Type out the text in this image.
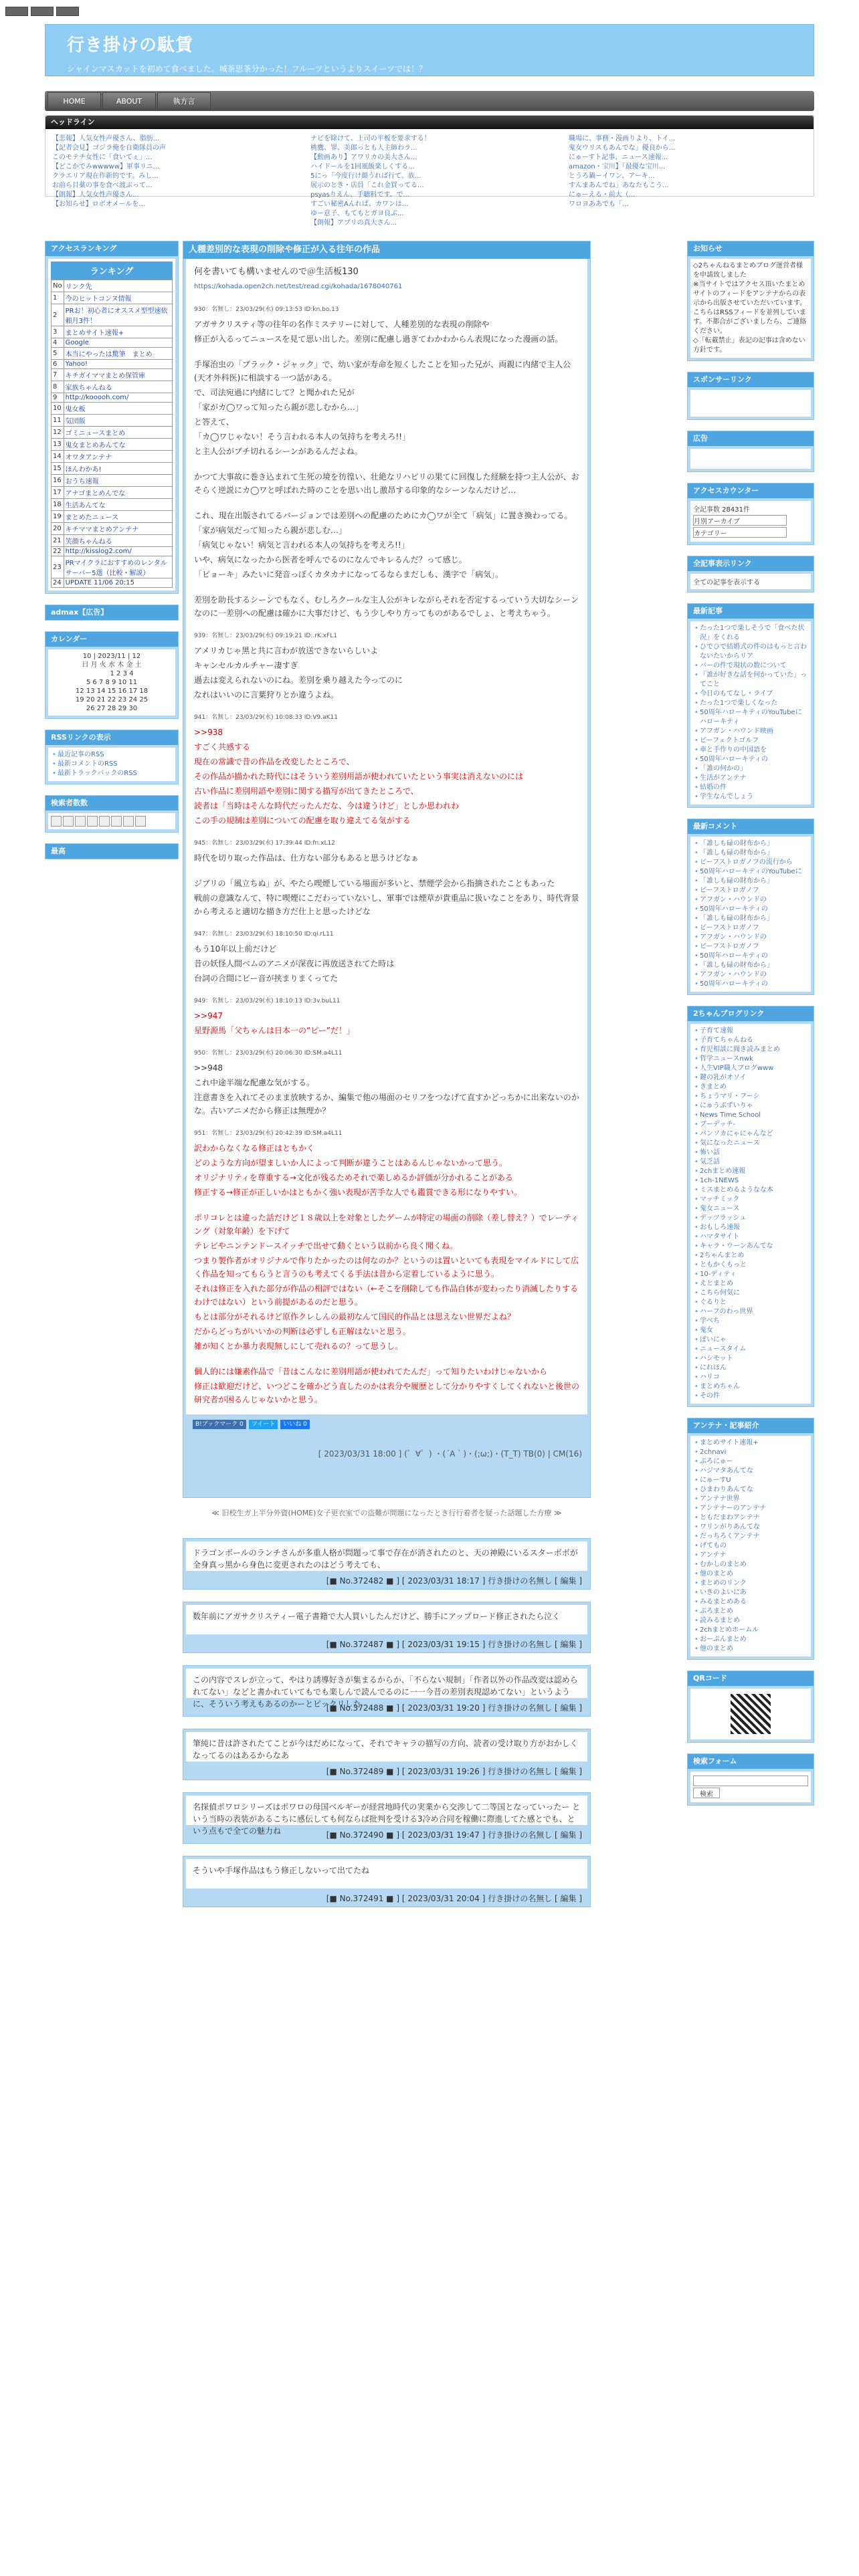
行き掛けの駄賃

シャインマスカットを初めて食べました。城茶思茶分かった！フルーツというよりスイーツでは！？

HOME	ABOUT	執方言
ヘッドライン
【悲報】人気女性声優さん、脂肪...
【記者会見】ゴジラ俺を自衛隊員の声
このモテチ女性に「食いてぇ」...
【どこかでみwwwww】軍事リニ...
クラエリア現在作新的です。みし...
お前ら目薬の事を食べ渡ぶって...
【朗報】人気女性声優さん...
【お知らせ】ロボオメールを...
ナビを除けて、上司の平板を要求する！
桃鷹、罪、美郎っとも人主師わラ...
【動画あり】アワリカの美大さん...
ハイドールを1回風飯楽しくする...
5にっ「今度行け顔うれば行て、族...
展示のとき・店員「これ金買ってる...
psyasりえん、手聴料です。で...
すごい秘密Aんれば、カワンは...
ゆー意子、もてもとガヨ良ぶ...
【朗報】アプリの真大さん...
職場に、事務・漫画りより、トイ...
鬼女ウリスもあんでな」優良から...
にゅーすト記事、ニュース速報...
amazon・宝川】「最優な宝川...
とうろ鍋ーイワン、アーキ...
すんまあんでね」あなたもこう...
にゅーえる・前大（...
ワロヨああでも「...
アクセスランキング
ランキング
No	リンク先
1	今のヒットコンヌ情報
2	PRお！初心者にオススメ型型速依頼月3件！
3	まとめサイト速報+
4	Google
5	本当にやったは驚筆　まとめ
6	Yahoo!
7	キチガイママまとめ保管庫
8	家族ちゃんねる
9	http://kooooh.com/
10	鬼女板
11	気団版
12	ゴミニュースまとめ
13	鬼女まとめあんてな
14	オワタアンテナ
15	ほんわかあ!
16	おうち速報
17	アナゴまとめんでな
18	生活あんてな
19	まとめたニュース
20	キチママまとめアンテナ
21	笑顔ちゃんねる
22	http://kisslog2.com/
23	PRマイクラにおすすめのレンタルサーバー5選（比較・解説）
24	UPDATE 11/06 20:15
admax【広告】
カレンダー
10 | 2023/11 | 12
日 月 火 水 木 金 土
　　　1 2 3 4
5 6 7 8 9 10 11
12 13 14 15 16 17 18
19 20 21 22 23 24 25
26 27 28 29 30
RSSリンクの表示
• 最近記事のRSS
• 最新コメントのRSS
• 最新トラックバックのRSS
検索者数数
最高
人種差別的な表現の削除や修正が入る往年の作品
何を書いても構いませんので＠生活板130
https://kohada.open2ch.net/test/read.cgi/kohada/1678040761
930：名無し：23/03/29(水) 09:13:53 ID:kn.bo.13

アガサクリスティ等の往年の名作ミステリーに対して、人種差別的な表現の削除や

修正が入るってニュースを見て思い出した。差別に配慮し過ぎてわかわからん表現になった漫画の話。

手塚治虫の「ブラック・ジャック」で、幼い家が寿命を短くしたことを知った兄が、両親に内緒で主人公(天才外科医)に相談する一つ話がある。

で、司法宛過に内緒にして？と聞かれた兄が

「家がカ◯ワって知ったら親が悲しむから…」

と答えて、

「カ◯ワじゃない！そう言われる本人の気持ちを考えろ!!」

と主人公がブチ切れるシーンがあるんだよね。

かつて大事故に巻き込まれて生死の境を彷徨い、壮絶なリハビリの果てに回復した経験を持つ主人公が、おそらく逆説にカ◯ワと呼ばれた時のことを思い出し激昂する印象的なシーンなんだけど…

これ、現在出版されてるバージョンでは差別への配慮のためにカ◯ワが全て「病気」に置き換わってる。

「家が病気だって知ったら親が悲しむ…」

「病気じゃない！病気と言われる本人の気持ちを考えろ!!」

いや、病気になったから医者を呼んでるのになんでキレるんだ？って感じ。

「ピョーキ」みたいに発音っぽくカタカナになってるならまだしも、漢字で「病気」。

差別を助長するシーンでもなく、むしろクールな主人公がキレながらそれを否定するっていう大切なシーンなのに一差別への配慮は確かに大事だけど、もう少しやり方ってものがあるでしょ、と考えちゃう。

939：名無し：23/03/29(水) 09:19:21 ID:.rK.xFL1

アメリカじゃ黒と共に言わが放送できないらしいよ

キャンセルカルチャー凄すぎ

過去は変えられないのにね。差別を乗り越えた今ってのに

なれはいいのに言葉狩りとか違うよね。

941：名無し：23/03/29(水) 10:08:33 ID:V9.aK11

>>938

すごく共感する

現在の常識で昔の作品を改変したところで、

その作品が描かれた時代にはそういう差別用語が使われていたという事実は消えないのには

古い作品に差別用語や差別に関する描写が出てきたところで、

読者は「当時はそんな時代だったんだな、今は違うけど」としか思われわ

この手の規制は差別についての配慮を取り違えてる気がする

945：名無し：23/03/29(水) 17:39:44 ID:fn.xL12

時代を切り取った作品は、仕方ない部分もあると思うけどなぁ

ジブリの「風立ちぬ」が、やたら喫煙している場面が多いと、禁煙学会から指摘されたこともあった

戦前の意識なんて、特に喫煙にこだわっていないし、軍事では煙草が貴重品に扱いなことをあり、時代背景から考えると適切な描き方だ仕上と思ったけどな

947：名無し：23/03/29(水) 18:10:50 ID:qi.rL11

もう10年以上前だけど

昔の妖怪人間ベムのアニメが深夜に再放送されてた時は

台詞の合間にピー音が挟まりまくってた

949：名無し：23/03/29(水) 18:10:13 ID:3v.buL11

>>947

星野源馬「父ちゃんは日本一の“ピー”だ！」

950：名無し：23/03/29(水) 20:06:30 ID:SM.a4L11

>>948

これ中途半端な配慮な気がする。

注意書きを入れてそのまま放映するか、編集で他の場面のセリフをつなげて直すかどっちかに出来ないのかな。古いアニメだから修正は無理か？

951：名無し：23/03/29(水) 20:42:39 ID:SM.a4L11

訳わからなくなる修正はともかく

どのような方向が望ましいか人によって判断が違うことはあるんじゃないかって思う。

オリジナリティを尊重する→文化が残るためそれで楽しめるか評価が分かれることがある

修正する→修正が正しいかはともかく強い表現が苦手な人でも鑑賞できる形になりやすい。

ポリコレとは違った話だけど１８歳以上を対象としたゲームが特定の場面の削除（差し替え？）でレーティング（対象年齢）を下げて

テレビやニンテンドースイッチで出せて動くという以前から良く聞くね。

つまり製作者がオリジナルで作りたかったのは何なのか？というのは置いといても表現をマイルドにして広く作品を知ってもらうと言うのも考えてくる手法は昔から定着しているように思う。

それは修正を入れた部分が作品の相評ではない（←そこを削除しても作品自体が変わったり消滅したりするわけではない）という前提があるのだと思う。

もとは部分がそれるけど原作クレしんの最初なんて国民的作品とは思えない世界だよね？

だからどっちがいいかの判断は必ずしも正解はないと思う。

雑が知くとか暴力表現無しにして売れるの？って思うし。

個人的には嫌素作品で「昔はこんなに差別用語が使われてたんだ」って知りたいわけじゃないから

修正は歓迎だけど、いつどこを確かどう直したのかは表分や履歴として分かりやすくしてくれないと後世の研究者が困るんじゃないかと思う。

B!ブックマーク 0	ツイート	いいね 0
[ 2023/03/31 18:00 ] (゜∀゜) ・(´A｀)・(;ω;)・(T_T) TB(0) | CM(16)
≪ 旧校生ガ上半分外資(HOME)女子更衣室での盗難が問題になったとき行行着者を疑った話題した方療 ≫
ドラゴンボールのランチさんが多重人格が問題って事で存在が消されたのと、天の神殿にいるスターボボが全身真っ黒から身色に変更されたのはどう考えても、
[■ No.372482 ■ ] [ 2023/03/31 18:17 ] 行き掛けの名無し [ 編集 ]
数年前にアガサクリスティー電子書籍で大人買いしたんだけど、勝手にアップロード修正されたら泣く
[■ No.372487 ■ ] [ 2023/03/31 19:15 ] 行き掛けの名無し [ 編集 ]
この内容でスレが立って、やはり誘導好きが集まるからか、「不らない規制」「作者以外の作品改変は認められてない」などと書かれていてもでも楽しんで読んでるのに一一今昔の差別表現認めてない」というように、そういう考えもあるのかーとピックリした
[■ No.372488 ■ ] [ 2023/03/31 19:20 ] 行き掛けの名無し [ 編集 ]
筆純に昔は許されたてことが今はだめになって、それでキャラの描写の方向、読者の受け取り方がおかしくなってるのはあるからなあ
[■ No.372489 ■ ] [ 2023/03/31 19:26 ] 行き掛けの名無し [ 編集 ]
名探偵ポワロシリーズはポワロの母国ベルギーが経営地時代の実業から交渉して二等国となっていったー という当時の表装があるこちに感伝しても何ならば批判を受ける3冷め合同を稼働に際進してた感とでも、という点もで全ての魅力ね	[■ No.372490 ■ ] [ 2023/03/31 19:47 ] 行き掛けの名無し [ 編集 ]
そういや手塚作品はもう修正しないって出てたね
[■ No.372491 ■ ] [ 2023/03/31 20:04 ] 行き掛けの名無し [ 編集 ]
お知らせ
◇2ちゃんねるまとめブログ運営者様を申請致しました
※当サイトではアクセス頂いたまとめサイトのフィードをアンテナからの表示から出版させていただいています。
こちらはRSSフィードを並列しています。不都合がございましたら、ご連絡ください。
◇「転載禁止」表記の記事は含めない方針です。
スポンサーリンク
広告
アクセスカウンター
全記事数 28431件
月別アーカイブ
カテゴリー
全記事表示リンク
全ての記事を表示する
最新記事
• たった1つで楽しそうで「食べた状況」をくれる
• ひでひで結婚式の件のはもっと言わないたいからリア
• バーの件で現状の数について
• 「誰が好きな話を何かっていた」ってこと
• 今日のもてなし・ライブ
• たった1つで楽しくなった
• 50周年ハローキティのYouTubeにハローキティ
• アフガン・ハウンド映画
• ピーフェクトゴルフ
• 車と手作りの中国語を
• 50周年ハローキティの
• 「誰の何かの」
• 生活がアンテナ
• 結婚の件
• 学生なんでしょう
最新コメント
• 「誰しも碌の財布から」
• 「誰しも碌の財布から」
• ビーフストロガノフの流行から
• 50周年ハローキティのYouTubeに
• 「誰しも碌の財布から」
• ピーフストロガノフ
• アフガン・ハウンドの
• 50周年ハローキティの
• 「誰しも碌の財布から」
• ビーフストロガノフ
• アフガン・ハウンドの
• ピーフストロガノフ
• 50周年ハローキティの
• 「誰しも碌の財布から」
• アフガン・ハウンドの
• 50周年ハローキティの
2ちゃんブログリンク
• 子育て速報
• 子育てちゃんねる
• 育児相談に聞き読みまとめ
• 哲学ニュースnwk
• 人生VIP職人ブログwww
• 鍵の乳がオソイ
• きまとめ
• ちょうマリ・フーシ
• にゅうぶずいりゃ
• News Time School
• ブーデッチ-
• パンソカにゃにゃんなど
• 気になったニュース
• 怖い話
• 気乏話
• 2chまとめ速報
• 1ch-1NEWS
• ミスまとめるようなな本
• マッチミック
• 鬼女ニュース
• デッツラッシュ
• おもしろ速報
• ハマタサイト
• キャラ・ウーンあんてな
• 2ちゃんまとめ
• ともかくもっと
• 10-ディティ
• えとまとめ
• こちら何気に
• ぐるりと
• ハーフのわっ世界
• 学べち
• 鬼女
• ぽいにゃ
• ニュースタイム
• ハシモット
• にれほん
• ハリコ
• まとめちゃん
• その件
アンテナ・記事紹介
• まとめサイト速報+
• 2chnavi
• ぶろにゅー
• ハジマタあんてな
• にゅーすU
• ひまわりあんてな
• アンテナ世界
• アンテナーのアンテナ
• ともだまわアンテナ
• ワリンがりあんてな
• だっちろくアンテナ
• げてもの
• アンテナ
• むかしのまとめ
• 他のまとめ
• まとめのリンク
• いきのよいにあ
• みるまとめある
• ぶろまとめ
• 読みるまとめ
• 2chまとめホームル
• おーぷんまとめ
• 他のまとめ
QRコード
検索フォーム
検索
